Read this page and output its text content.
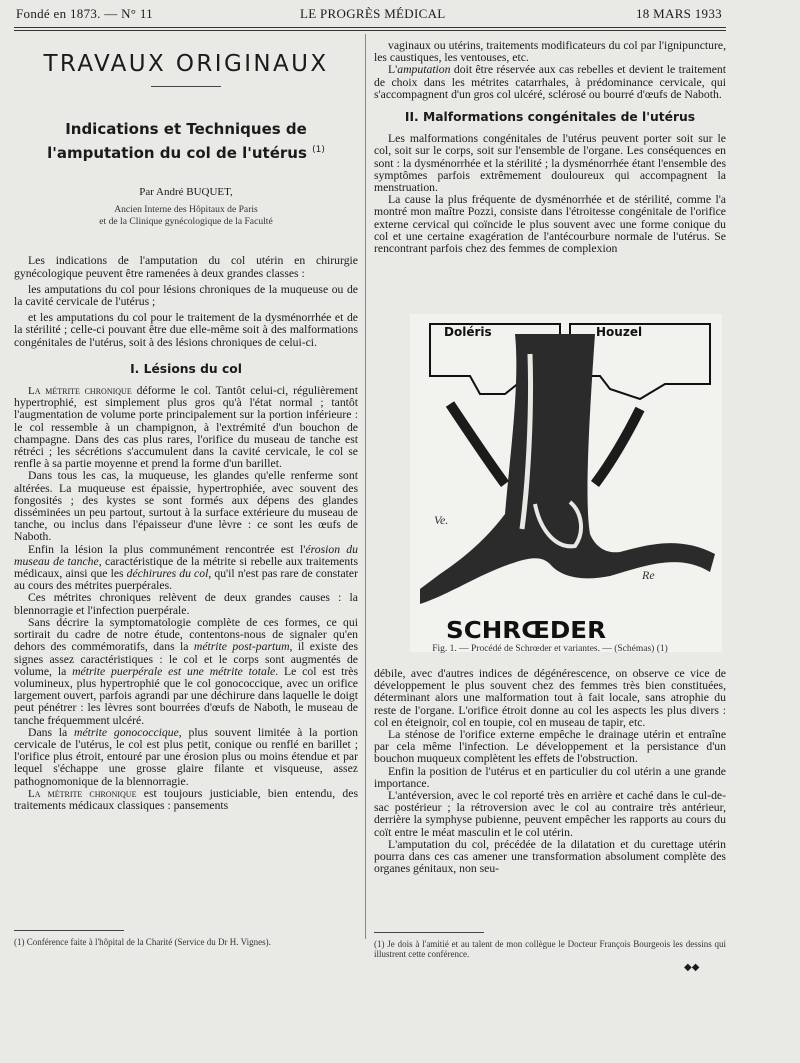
Fondé en 1873. — N° 11	LE PROGRÈS MÉDICAL	18 MARS 1933
TRAVAUX ORIGINAUX
Indications et Techniques de l'amputation du col de l'utérus $^{(1)}$
Par André BUQUET,
Ancien Interne des Hôpitaux de Paris
et de la Clinique gynécologique de la Faculté

Les indications de l'amputation du col utérin en chirurgie gynécologique peuvent être ramenées à deux grandes classes :

les amputations du col pour lésions chroniques de la muqueuse ou de la cavité cervicale de l'utérus ;

et les amputations du col pour le traitement de la dysménorrhée et de la stérilité ; celle-ci pouvant être due elle-même soit à des malformations congénitales de l'utérus, soit à des lésions chroniques de celui-ci.

I. Lésions du col

La métrite chronique déforme le col. Tantôt celui-ci, régulièrement hypertrophié, est simplement plus gros qu'à l'état normal ; tantôt l'augmentation de volume porte principalement sur la portion inférieure : le col ressemble à un champignon, à l'extrémité d'un bouchon de champagne. Dans des cas plus rares, l'orifice du museau de tanche est rétréci ; les sécrétions s'accumulent dans la cavité cervicale, le col se renfle à sa partie moyenne et prend la forme d'un barillet.

Dans tous les cas, la muqueuse, les glandes qu'elle renferme sont altérées. La muqueuse est épaissie, hypertrophiée, avec souvent des fongosités ; des kystes se sont formés aux dépens des glandes disséminées un peu partout, surtout à la surface extérieure du museau de tanche, ou inclus dans l'épaisseur d'une lèvre : ce sont les œufs de Naboth.

Enfin la lésion la plus communément rencontrée est l'érosion du museau de tanche, caractéristique de la métrite si rebelle aux traitements médicaux, ainsi que les déchirures du col, qu'il n'est pas rare de constater au cours des métrites puerpérales.

Ces métrites chroniques relèvent de deux grandes causes : la blennorragie et l'infection puerpérale.

Sans décrire la symptomatologie complète de ces formes, ce qui sortirait du cadre de notre étude, contentons-nous de signaler qu'en dehors des commémoratifs, dans la métrite post-partum, il existe des signes assez caractéristiques : le col et le corps sont augmentés de volume, la métrite puerpérale est une métrite totale. Le col est très volumineux, plus hypertrophié que le col gonococcique, avec un orifice largement ouvert, parfois agrandi par une déchirure dans laquelle le doigt peut pénétrer : les lèvres sont bourrées d'œufs de Naboth, le museau de tanche fréquemment ulcéré.

Dans la métrite gonococcique, plus souvent limitée à la portion cervicale de l'utérus, le col est plus petit, conique ou renflé en barillet ; l'orifice plus étroit, entouré par une érosion plus ou moins étendue et par lequel s'échappe une grosse glaire filante et visqueuse, assez pathognomonique de la blennorragie.

La métrite chronique est toujours justiciable, bien entendu, des traitements médicaux classiques : pansements

(1) Conférence faite à l'hôpital de la Charité (Service du Dr H. Vignes).

vaginaux ou utérins, traitements modificateurs du col par l'ignipuncture, les caustiques, les ventouses, etc.

L'amputation doit être réservée aux cas rebelles et devient le traitement de choix dans les métrites catarrhales, à prédominance cervicale, qui s'accompagnent d'un gros col ulcéré, sclérosé ou bourré d'œufs de Naboth.

II. Malformations congénitales de l'utérus

Les malformations congénitales de l'utérus peuvent porter soit sur le col, soit sur le corps, soit sur l'ensemble de l'organe. Les conséquences en sont : la dysménorrhée et la stérilité ; la dysménorrhée étant l'ensemble des symptômes parfois extrêmement douloureux qui accompagnent la menstruation.

La cause la plus fréquente de dysménorrhée et de stérilité, comme l'a montré mon maître Pozzi, consiste dans l'étroitesse congénitale de l'orifice externe cervical qui coïncide le plus souvent avec une forme conique du col et une certaine exagération de l'antécourbure normale de l'utérus. Se rencontrant parfois chez des femmes de complexion

Doléris	Houzel
Ve.
Re
SCHRŒDER
Fig. 1. — Procédé de Schrœder et variantes. — (Schémas) (1)

débile, avec d'autres indices de dégénérescence, on observe ce vice de développement le plus souvent chez des femmes très bien constituées, déterminant alors une malformation tout à fait locale, sans atrophie du reste de l'organe. L'orifice étroit donne au col les aspects les plus divers : col en éteignoir, col en toupie, col en museau de tapir, etc.

La sténose de l'orifice externe empêche le drainage utérin et entraîne par cela même l'infection. Le développement et la persistance d'un bouchon muqueux complètent les effets de l'obstruction.

Enfin la position de l'utérus et en particulier du col utérin a une grande importance.

L'antéversion, avec le col reporté très en arrière et caché dans le cul-de-sac postérieur ; la rétroversion avec le col au contraire très antérieur, derrière la symphyse pubienne, peuvent empêcher les rapports au cours du coït entre le méat masculin et le col utérin.

L'amputation du col, précédée de la dilatation et du curettage utérin pourra dans ces cas amener une transformation absolument complète des organes génitaux, non seu-

(1) Je dois à l'amitié et au talent de mon collègue le Docteur François Bourgeois les dessins qui illustrent cette conférence.
◆◆
